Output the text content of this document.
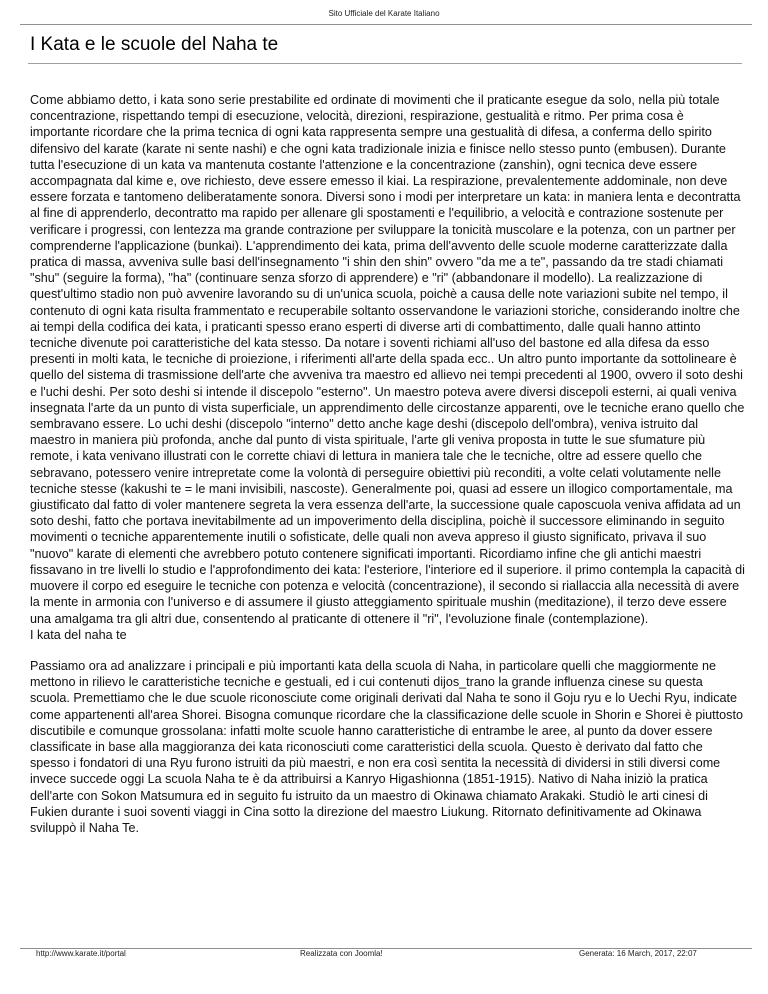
Sito Ufficiale del Karate Italiano
I Kata e le scuole del Naha te

Come abbiamo detto, i kata sono serie prestabilite ed ordinate di movimenti che il praticante esegue da solo, nella più totale concentrazione, rispettando tempi di esecuzione, velocità, direzioni, respirazione, gestualità e ritmo. Per prima cosa è importante ricordare che la prima tecnica di ogni kata rappresenta sempre una gestualità di difesa, a conferma dello spirito difensivo del karate (karate ni sente nashi) e che ogni kata tradizionale inizia e finisce nello stesso punto (embusen). Durante tutta l'esecuzione di un kata va mantenuta costante l'attenzione e la concentrazione (zanshin), ogni tecnica deve essere accompagnata dal kime e, ove richiesto, deve essere emesso il kiai. La respirazione, prevalentemente addominale, non deve essere forzata e tantomeno deliberatamente sonora. Diversi sono i modi per interpretare un kata: in maniera lenta e decontratta al fine di apprenderlo, decontratto ma rapido per allenare gli spostamenti e l'equilibrio, a velocità e contrazione sostenute per verificare i progressi, con lentezza ma grande contrazione per sviluppare la tonicità muscolare e la potenza, con un partner per comprenderne l'applicazione (bunkai). L'apprendimento dei kata, prima dell'avvento delle scuole moderne caratterizzate dalla pratica di massa, avveniva sulle basi dell'insegnamento "i shin den shin" ovvero "da me a te", passando da tre stadi chiamati "shu" (seguire la forma), "ha" (continuare senza sforzo di apprendere) e "ri" (abbandonare il modello). La realizzazione di quest'ultimo stadio non può avvenire lavorando su di un'unica scuola, poichè a causa delle note variazioni subite nel tempo, il contenuto di ogni kata risulta frammentato e recuperabile soltanto osservandone le variazioni storiche, considerando inoltre che ai tempi della codifica dei kata, i praticanti spesso erano esperti di diverse arti di combattimento, dalle quali hanno attinto tecniche divenute poi caratteristiche del kata stesso. Da notare i soventi richiami all'uso del bastone ed alla difesa da esso presenti in molti kata, le tecniche di proiezione, i riferimenti all'arte della spada ecc.. Un altro punto importante da sottolineare è quello del sistema di trasmissione dell'arte che avveniva tra maestro ed allievo nei tempi precedenti al 1900, ovvero il soto deshi e l'uchi deshi. Per soto deshi si intende il discepolo "esterno". Un maestro poteva avere diversi discepoli esterni, ai quali veniva insegnata l'arte da un punto di vista superficiale, un apprendimento delle circostanze apparenti, ove le tecniche erano quello che sembravano essere. Lo uchi deshi (discepolo "interno" detto anche kage deshi (discepolo dell'ombra), veniva istruito dal maestro in maniera più profonda, anche dal punto di vista spirituale, l'arte gli veniva proposta in tutte le sue sfumature più remote, i kata venivano illustrati con le corrette chiavi di lettura in maniera tale che le tecniche, oltre ad essere quello che sebravano, potessero venire intrepretate come la volontà di perseguire obiettivi più reconditi, a volte celati volutamente nelle tecniche stesse (kakushi te = le mani invisibili, nascoste). Generalmente poi, quasi ad essere un illogico comportamentale, ma giustificato dal fatto di voler mantenere segreta la vera essenza dell'arte, la successione quale caposcuola veniva affidata ad un soto deshi, fatto che portava inevitabilmente ad un impoverimento della disciplina, poichè il successore eliminando in seguito movimenti o tecniche apparentemente inutili o sofisticate, delle quali non aveva appreso il giusto significato, privava il suo "nuovo" karate di elementi che avrebbero potuto contenere significati importanti. Ricordiamo infine che gli antichi maestri fissavano in tre livelli lo studio e l'approfondimento dei kata: l'esteriore, l'interiore ed il superiore. il primo contempla la capacità di muovere il corpo ed eseguire le tecniche con potenza e velocità (concentrazione), il secondo si riallaccia alla necessità di avere la mente in armonia con l'universo e di assumere il giusto atteggiamento spirituale mushin (meditazione), il terzo deve essere una amalgama tra gli altri due, consentendo al praticante di ottenere il "ri", l'evoluzione finale (contemplazione).

I kata del naha te

Passiamo ora ad analizzare i principali e più importanti kata della scuola di Naha, in particolare quelli che maggiormente ne mettono in rilievo le caratteristiche tecniche e gestuali, ed i cui contenuti dijos_trano la grande influenza cinese su questa scuola. Premettiamo che le due scuole riconosciute come originali derivati dal Naha te sono il Goju ryu e lo Uechi Ryu, indicate come appartenenti all'area Shorei. Bisogna comunque ricordare che la classificazione delle scuole in Shorin e Shorei è piuttosto discutibile e comunque grossolana: infatti molte scuole hanno caratteristiche di entrambe le aree, al punto da dover essere classificate in base alla maggioranza dei kata riconosciuti come caratteristici della scuola. Questo è derivato dal fatto che spesso i fondatori di una Ryu furono istruiti da più maestri, e non era così sentita la necessità di dividersi in stili diversi come invece succede oggi La scuola Naha te è da attribuirsi a Kanryo Higashionna (1851-1915). Nativo di Naha iniziò la pratica dell'arte con Sokon Matsumura ed in seguito fu istruito da un maestro di Okinawa chiamato Arakaki. Studiò le arti cinesi di Fukien durante i suoi soventi viaggi in Cina sotto la direzione del maestro Liukung. Ritornato definitivamente ad Okinawa sviluppò il Naha Te.

http://www.karate.it/portal	Realizzata con Joomla!	Generata: 16 March, 2017, 22:07
